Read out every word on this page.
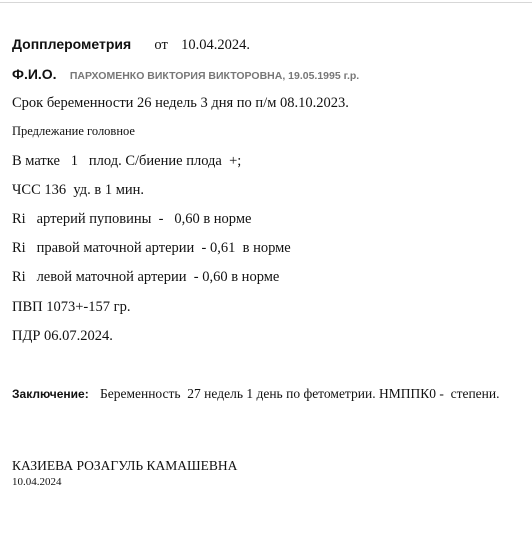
Допплерометрия от 10.04.2024.
Ф.И.О. ПАРХОМЕНКО ВИКТОРИЯ ВИКТОРОВНА, 19.05.1995 г.р.
Срок беременности 26 недель 3 дня по п/м 08.10.2023.
Предлежание головное
В матке   1   плод. С/биение плода  +;
ЧСС 136  уд. в 1 мин.
Ri   артерий пуповины  -   0,60 в норме
Ri   правой маточной артерии  - 0,61  в норме
Ri   левой маточной артерии  - 0,60 в норме
ПВП 1073+-157 гр.
ПДР 06.07.2024.
Заключение: Беременность  27 недель 1 день по фетометрии. НМППК0 -  степени.
КАЗИЕВА РОЗАГУЛЬ КАМАШЕВНА
10.04.2024
